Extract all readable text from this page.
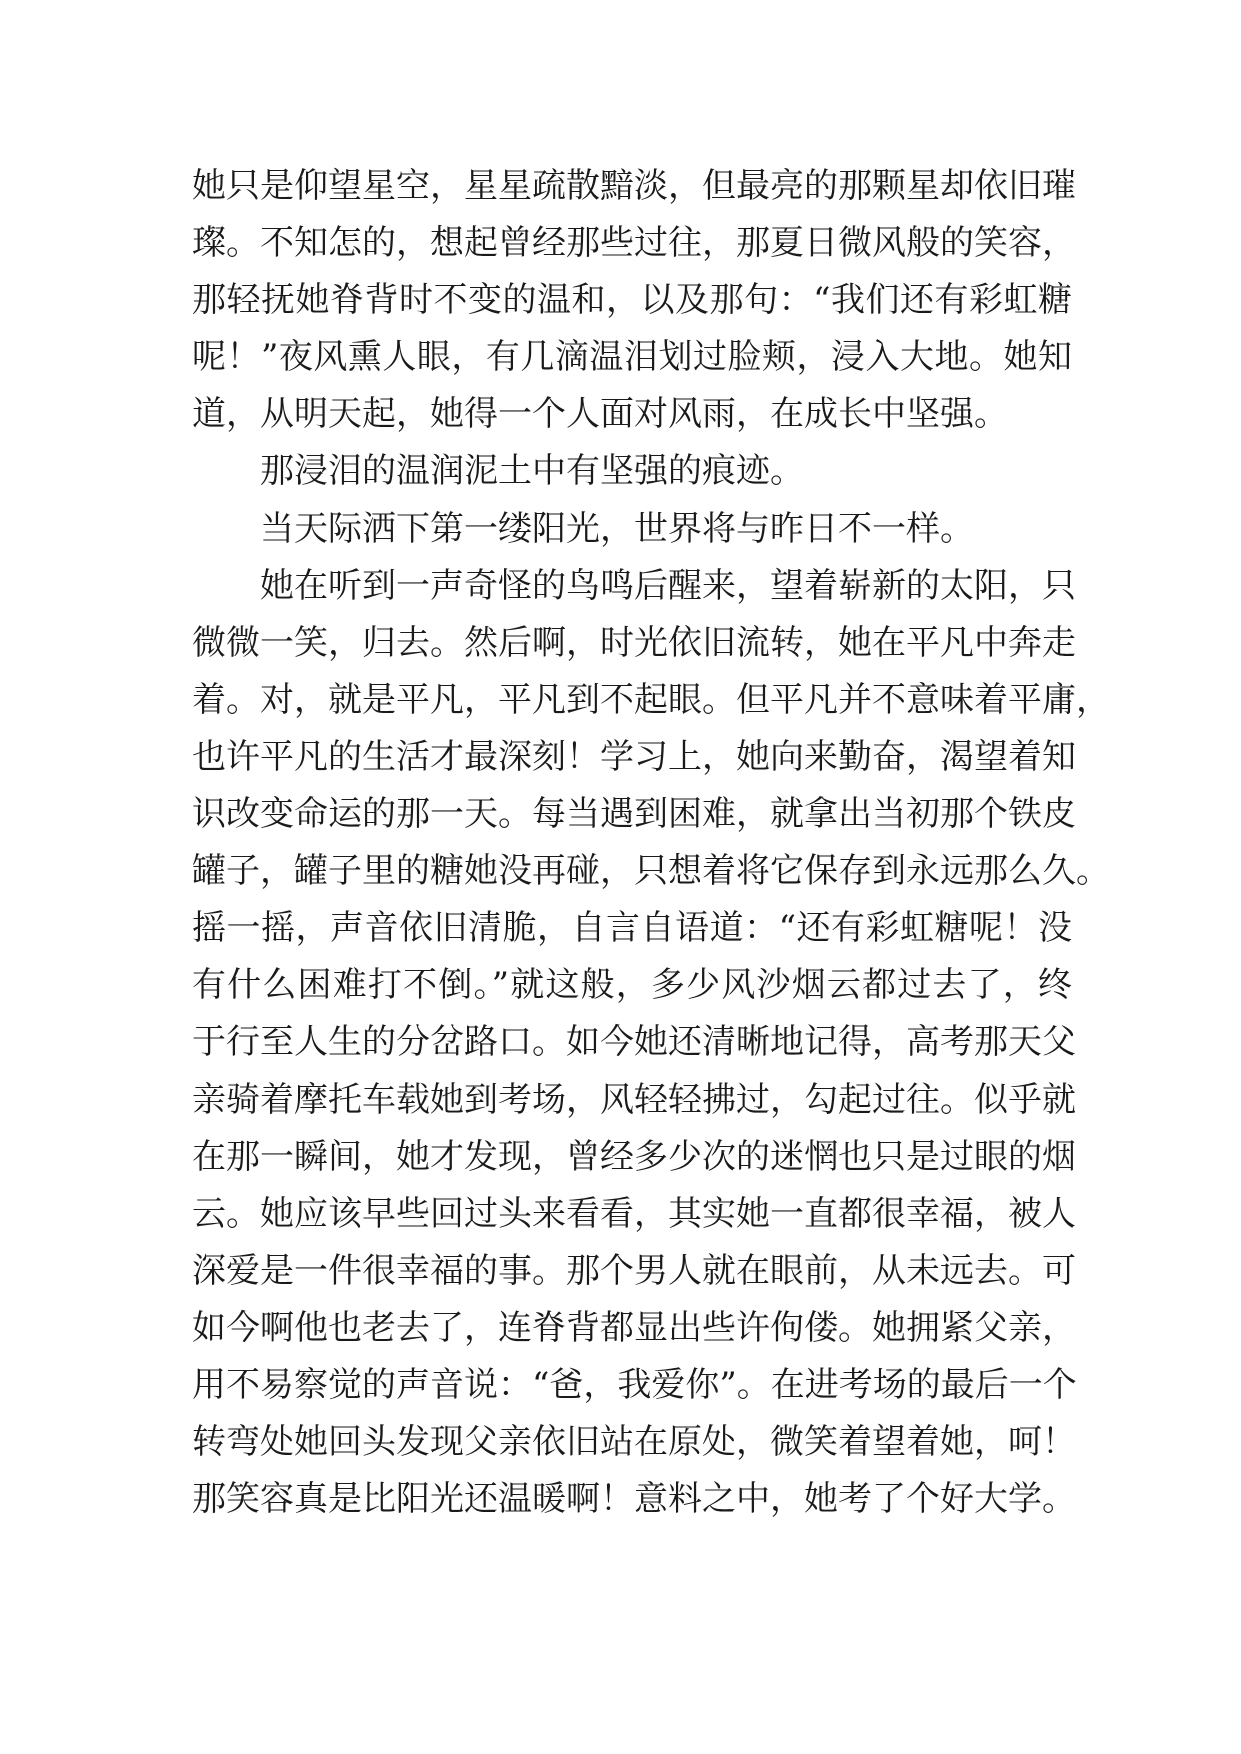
她只是仰望星空，星星疏散黯淡，但最亮的那颗星却依旧璀
璨。不知怎的，想起曾经那些过往，那夏日微风般的笑容，
那轻抚她脊背时不变的温和，以及那句：“我们还有彩虹糖
呢！”夜风熏人眼，有几滴温泪划过脸颊，浸入大地。她知
道，从明天起，她得一个人面对风雨，在成长中坚强。
那浸泪的温润泥土中有坚强的痕迹。
当天际洒下第一缕阳光，世界将与昨日不一样。
她在听到一声奇怪的鸟鸣后醒来，望着崭新的太阳，只
微微一笑，归去。然后啊，时光依旧流转，她在平凡中奔走
着。对，就是平凡，平凡到不起眼。但平凡并不意味着平庸，
也许平凡的生活才最深刻！学习上，她向来勤奋，渴望着知
识改变命运的那一天。每当遇到困难，就拿出当初那个铁皮
罐子，罐子里的糖她没再碰，只想着将它保存到永远那么久。
摇一摇，声音依旧清脆，自言自语道：“还有彩虹糖呢！没
有什么困难打不倒。”就这般，多少风沙烟云都过去了，终
于行至人生的分岔路口。如今她还清晰地记得，高考那天父
亲骑着摩托车载她到考场，风轻轻拂过，勾起过往。似乎就
在那一瞬间，她才发现，曾经多少次的迷惘也只是过眼的烟
云。她应该早些回过头来看看，其实她一直都很幸福，被人
深爱是一件很幸福的事。那个男人就在眼前，从未远去。可
如今啊他也老去了，连脊背都显出些许佝偻。她拥紧父亲，
用不易察觉的声音说：“爸，我爱你”。在进考场的最后一个
转弯处她回头发现父亲依旧站在原处，微笑着望着她，呵！
那笑容真是比阳光还温暖啊！意料之中，她考了个好大学。
